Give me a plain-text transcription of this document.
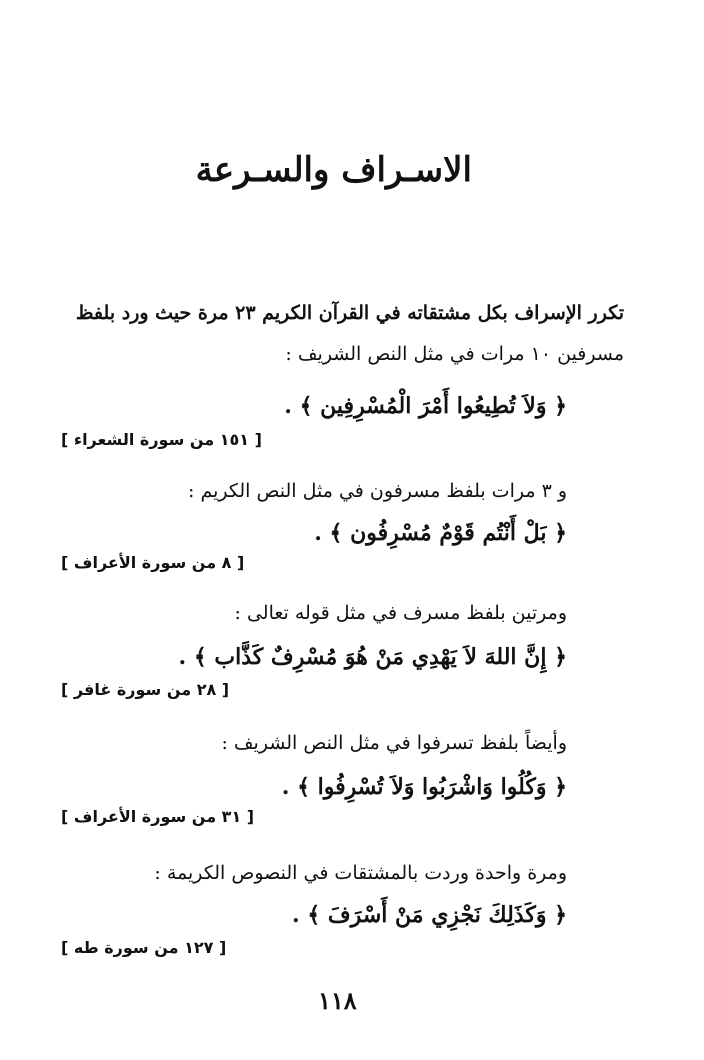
الاسـراف والسـرعة
تكرر الإسراف بكل مشتقاته في القرآن الكريم ٢٣ مرة حيث ورد بلفظ
مسرفين ١٠ مرات في مثل النص الشريف :
﴿ وَلاَ تُطِيعُوا أَمْرَ الْمُسْرِفِين ﴾ .
[ ١٥١ من سورة الشعراء ]
و ٣ مرات بلفظ مسرفون في مثل النص الكريم :
﴿ بَلْ أَنْتُم قَوْمٌ مُسْرِفُون ﴾ .
[ ٨ من سورة الأعراف ]
ومرتين بلفظ مسرف في مثل قوله تعالى :
﴿ إِنَّ اللهَ لاَ يَهْدِي مَنْ هُوَ مُسْرِفٌ كَذَّاب ﴾ .
[ ٢٨ من سورة غافر ]
وأيضاً بلفظ تسرفوا في مثل النص الشريف :
﴿ وَكُلُوا وَاشْرَبُوا وَلاَ تُسْرِفُوا ﴾ .
[ ٣١ من سورة الأعراف ]
ومرة واحدة وردت بالمشتقات في النصوص الكريمة :
﴿ وَكَذَلِكَ نَجْزِي مَنْ أَسْرَفَ ﴾ .
[ ١٢٧ من سورة طه ]
١١٨
